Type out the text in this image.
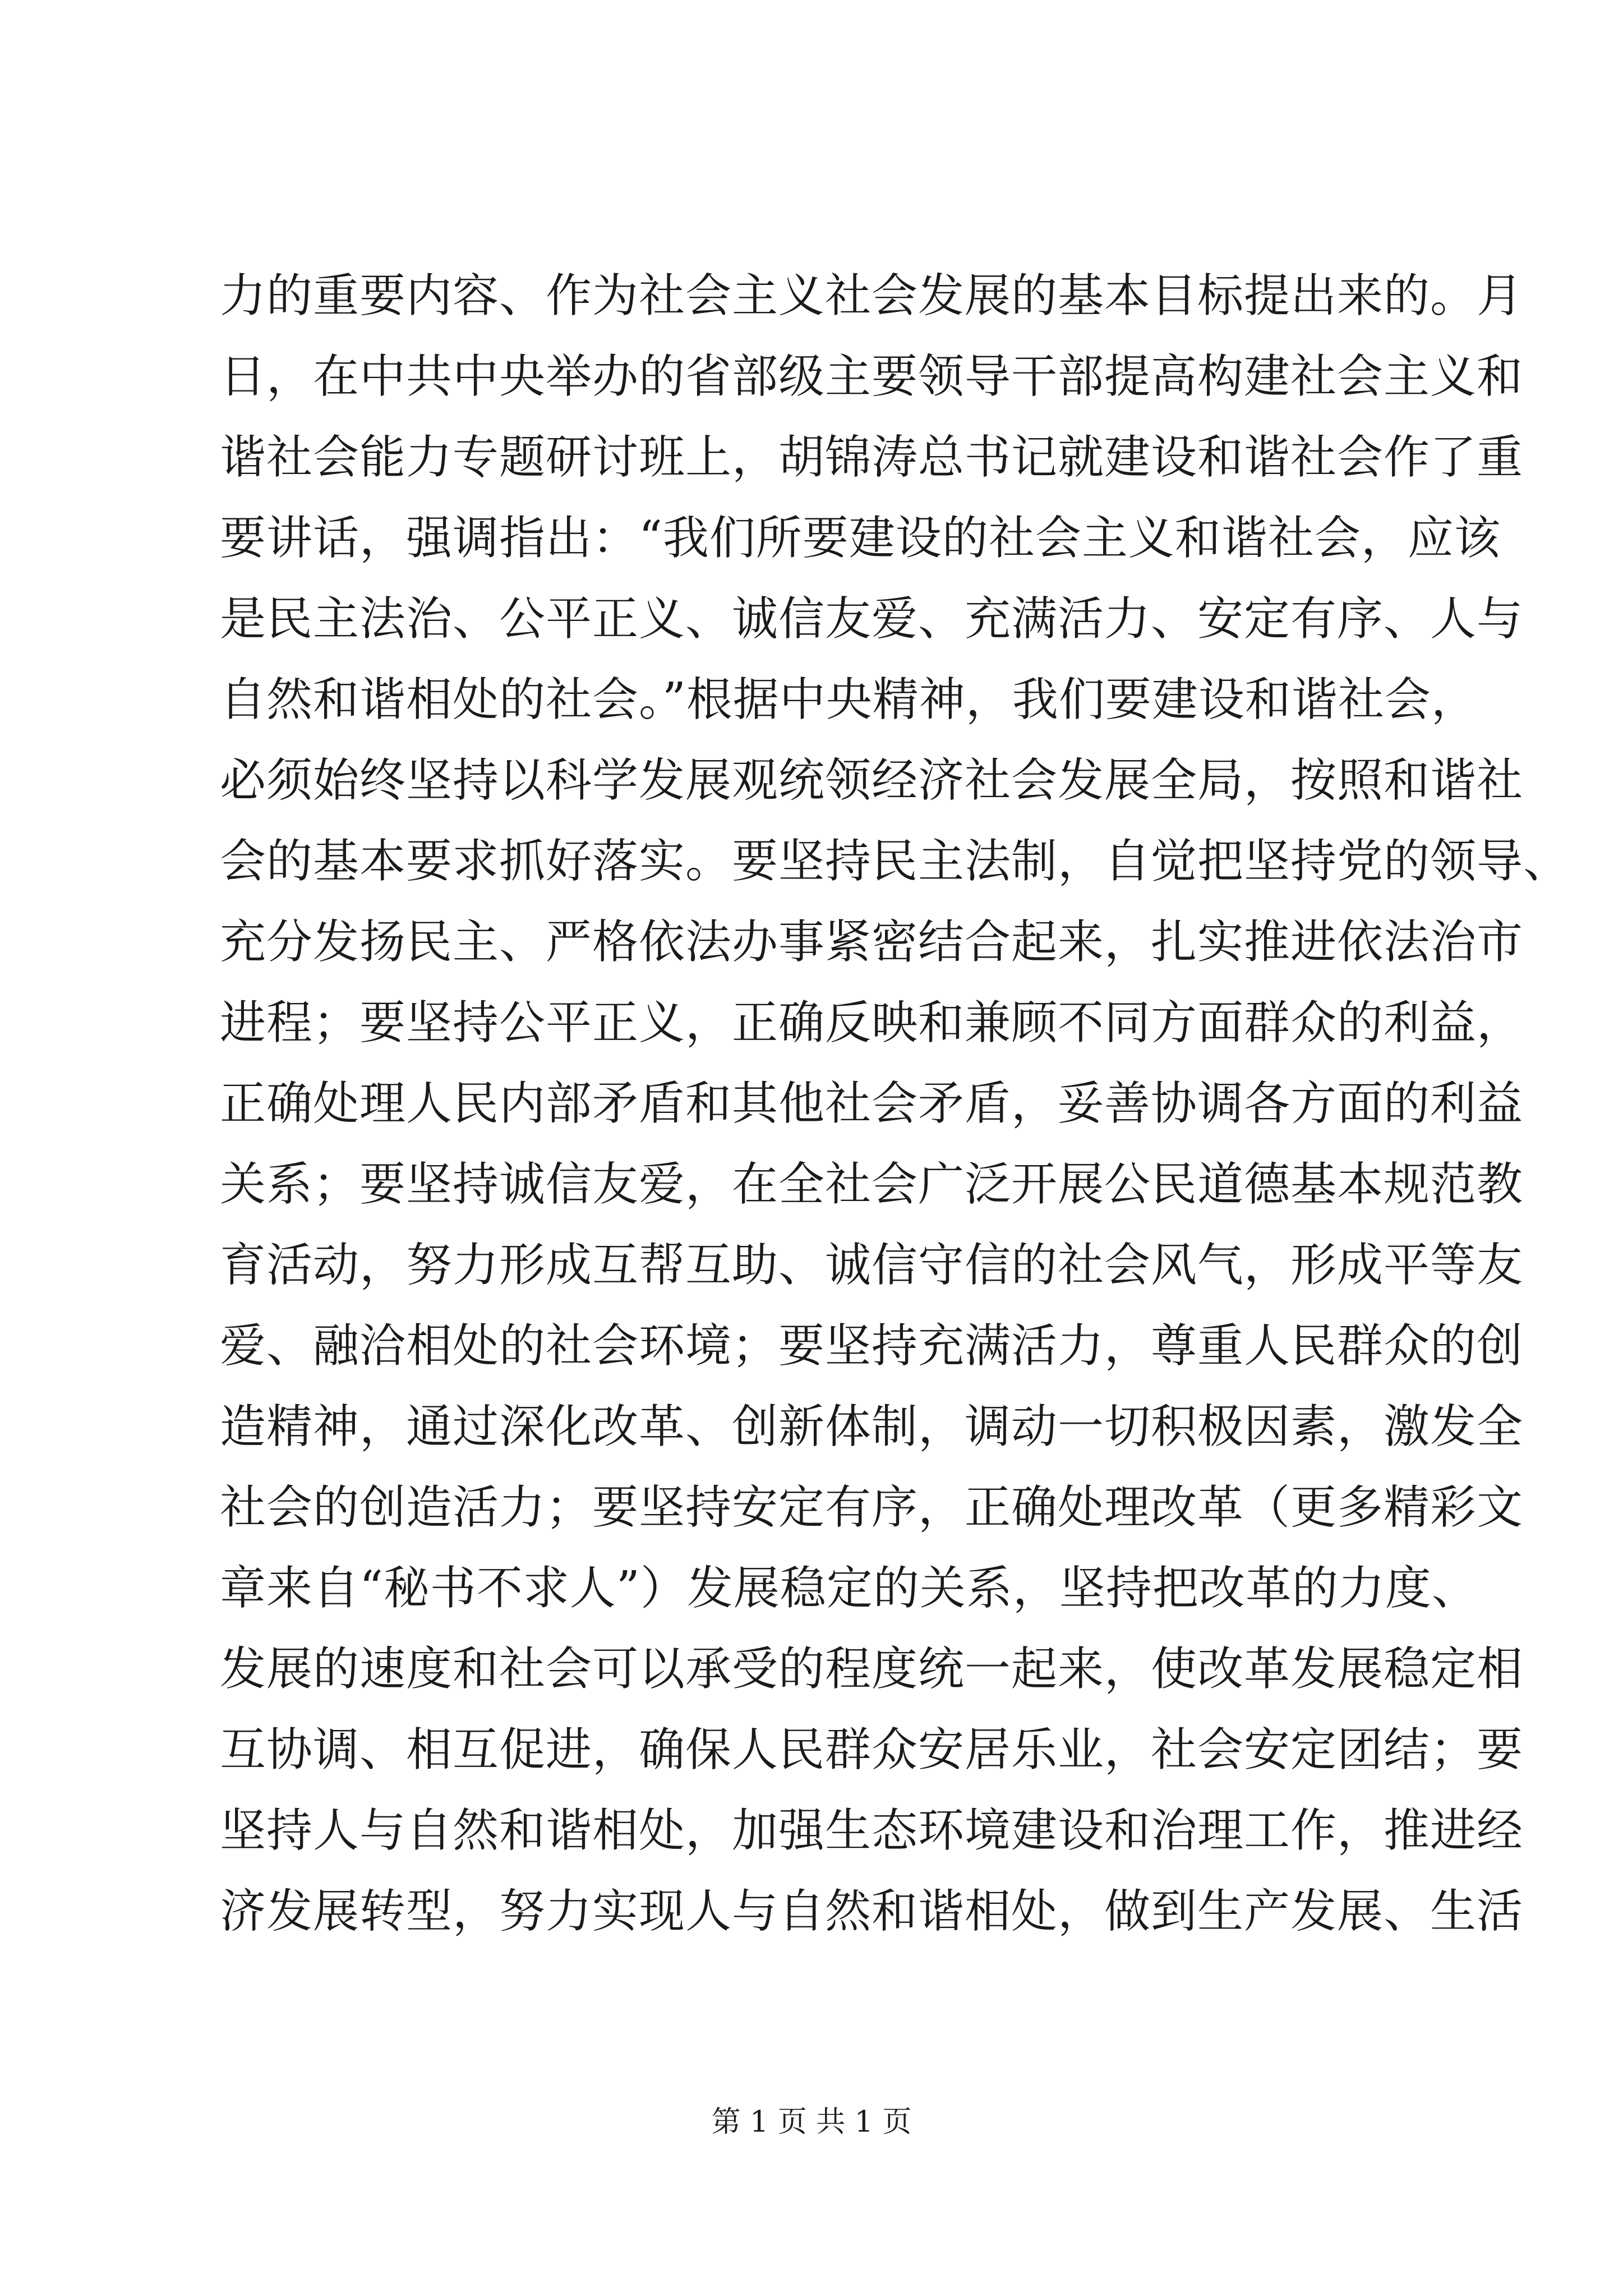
力的重要内容、作为社会主义社会发展的基本目标提出来的。月
日，在中共中央举办的省部级主要领导干部提高构建社会主义和
谐社会能力专题研讨班上，胡锦涛总书记就建设和谐社会作了重
要讲话，强调指出：“我们所要建设的社会主义和谐社会，应该
是民主法治、公平正义、诚信友爱、充满活力、安定有序、人与
自然和谐相处的社会。”根据中央精神，我们要建设和谐社会，
必须始终坚持以科学发展观统领经济社会发展全局，按照和谐社
会的基本要求抓好落实。要坚持民主法制，自觉把坚持党的领导、
充分发扬民主、严格依法办事紧密结合起来，扎实推进依法治市
进程；要坚持公平正义，正确反映和兼顾不同方面群众的利益，
正确处理人民内部矛盾和其他社会矛盾，妥善协调各方面的利益
关系；要坚持诚信友爱，在全社会广泛开展公民道德基本规范教
育活动，努力形成互帮互助、诚信守信的社会风气，形成平等友
爱、融洽相处的社会环境；要坚持充满活力，尊重人民群众的创
造精神，通过深化改革、创新体制，调动一切积极因素，激发全
社会的创造活力；要坚持安定有序，正确处理改革（更多精彩文
章来自“秘书不求人”）发展稳定的关系，坚持把改革的力度、
发展的速度和社会可以承受的程度统一起来，使改革发展稳定相
互协调、相互促进，确保人民群众安居乐业，社会安定团结；要
坚持人与自然和谐相处，加强生态环境建设和治理工作，推进经
济发展转型，努力实现人与自然和谐相处，做到生产发展、生活
第 1 页 共 1 页
